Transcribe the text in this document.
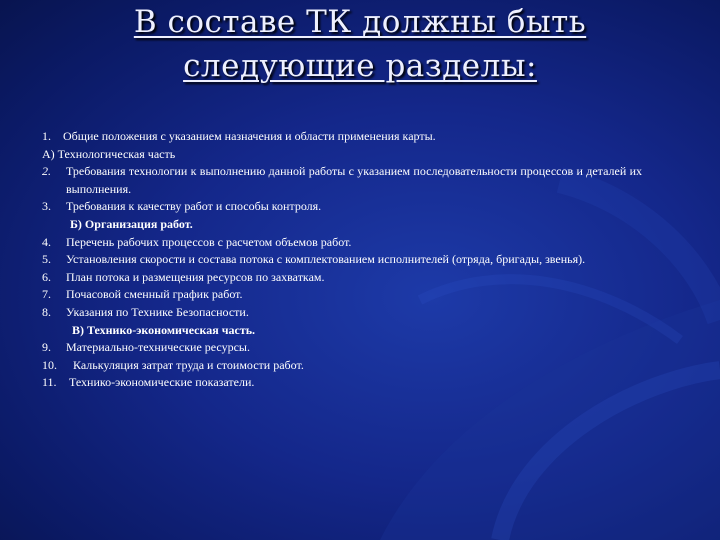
В составе ТК должны быть
следующие разделы:
1. Общие положения с указанием назначения и области применения карты.
А) Технологическая часть
2. Требования технологии к выполнению данной работы с указанием последовательности процессов и деталей их выполнения.
3. Требования к качеству работ и способы контроля.
Б) Организация работ.
4. Перечень рабочих процессов с расчетом объемов работ.
5. Установления скорости и состава потока с комплектованием исполнителей (отряда, бригады, звенья).
6. План потока и размещения ресурсов по захваткам.
7. Почасовой сменный график работ.
8. Указания по Технике Безопасности.
В) Технико-экономическая часть.
9. Материально-технические ресурсы.
10. Калькуляция затрат труда и стоимости работ.
11. Технико-экономические показатели.
